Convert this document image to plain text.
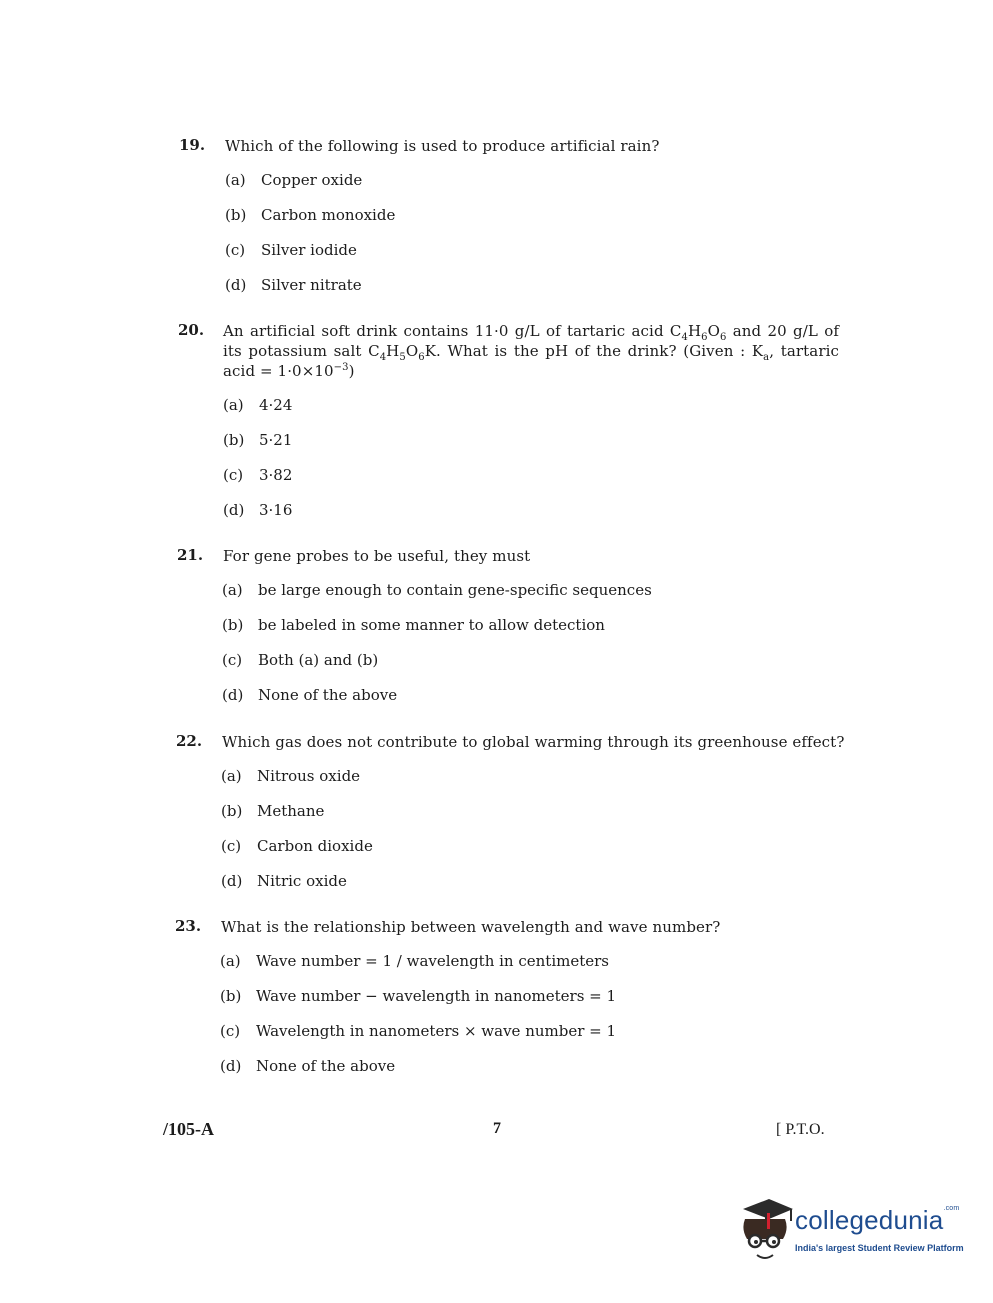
19. Which of the following is used to produce artificial rain?
(a) Copper oxide
(b) Carbon monoxide
(c) Silver iodide
(d) Silver nitrate
20. An artificial soft drink contains 11·0 g/L of tartaric acid $C_4H_6O_6$ and 20 g/L of its potassium salt $C_4H_5O_6K$. What is the pH of the drink? (Given : $K_a$, tartaric acid = $1\cdot 0\times 10^{-3}$)
(a) 4·24
(b) 5·21
(c) 3·82
(d) 3·16
21. For gene probes to be useful, they must
(a) be large enough to contain gene-specific sequences
(b) be labeled in some manner to allow detection
(c) Both (a) and (b)
(d) None of the above
22. Which gas does not contribute to global warming through its greenhouse effect?
(a) Nitrous oxide
(b) Methane
(c) Carbon dioxide
(d) Nitric oxide
23. What is the relationship between wavelength and wave number?
(a) Wave number = 1 / wavelength in centimeters
(b) Wave number − wavelength in nanometers = 1
(c) Wavelength in nanometers × wave number = 1
(d) None of the above
/105-A	7	[ P.T.O.
collegedunia$^{.com}$
India's largest Student Review Platform
